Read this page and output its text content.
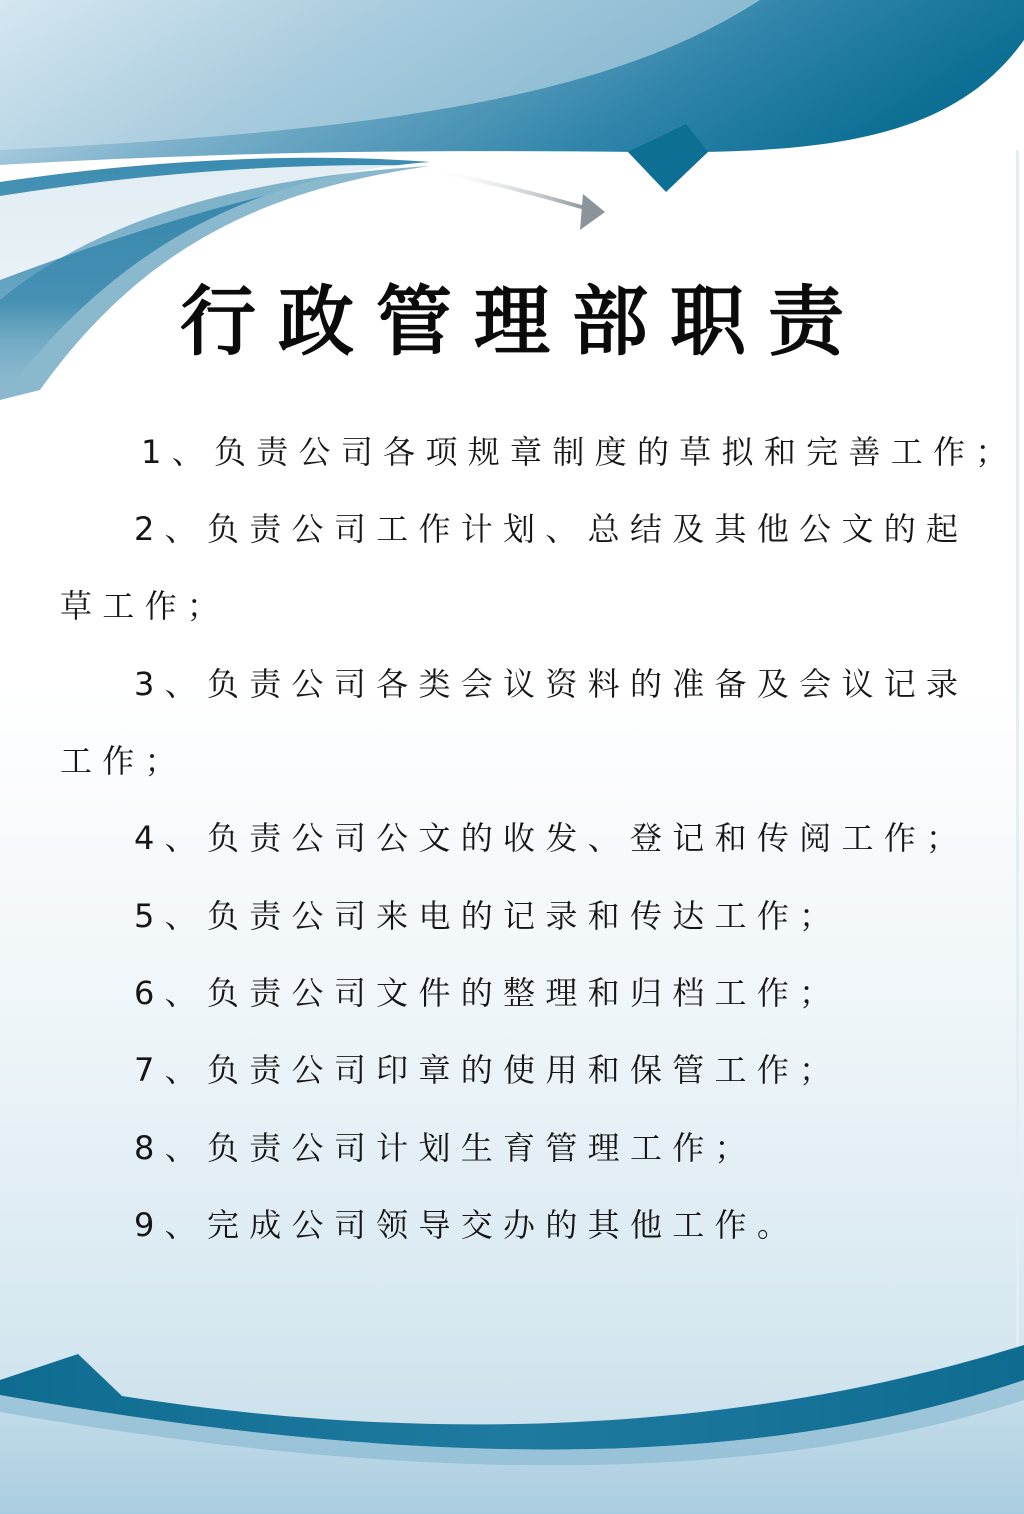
行政管理部职责

1、负责公司各项规章制度的草拟和完善工作；

2、负责公司工作计划、总结及其他公文的起

草工作；

3、负责公司各类会议资料的准备及会议记录

工作；

4、负责公司公文的收发、登记和传阅工作；

5、负责公司来电的记录和传达工作；

6、负责公司文件的整理和归档工作；

7、负责公司印章的使用和保管工作；

8、负责公司计划生育管理工作；

9、完成公司领导交办的其他工作。
